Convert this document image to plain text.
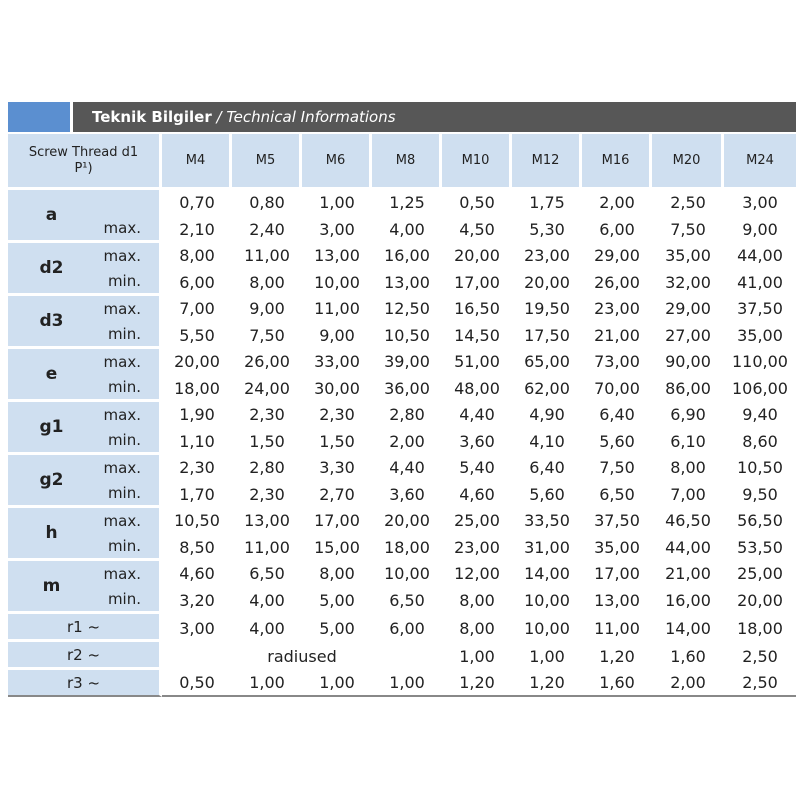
Teknik Bilgiler / Technical Informations
Screw Thread d1
P¹)		M4	M5	M6	M8	M10	M12	M16	M20	M24
a		0,70	0,80	1,00	1,25	0,50	1,75	2,00	2,50	3,00
	max.	2,10	2,40	3,00	4,00	4,50	5,30	6,00	7,50	9,00
d2	max.	8,00	11,00	13,00	16,00	20,00	23,00	29,00	35,00	44,00
	min.	6,00	8,00	10,00	13,00	17,00	20,00	26,00	32,00	41,00
d3	max.	7,00	9,00	11,00	12,50	16,50	19,50	23,00	29,00	37,50
	min.	5,50	7,50	9,00	10,50	14,50	17,50	21,00	27,00	35,00
e	max.	20,00	26,00	33,00	39,00	51,00	65,00	73,00	90,00	110,00
	min.	18,00	24,00	30,00	36,00	48,00	62,00	70,00	86,00	106,00
g1	max.	1,90	2,30	2,30	2,80	4,40	4,90	6,40	6,90	9,40
	min.	1,10	1,50	1,50	2,00	3,60	4,10	5,60	6,10	8,60
g2	max.	2,30	2,80	3,30	4,40	5,40	6,40	7,50	8,00	10,50
	min.	1,70	2,30	2,70	3,60	4,60	5,60	6,50	7,00	9,50
h	max.	10,50	13,00	17,00	20,00	25,00	33,50	37,50	46,50	56,50
	min.	8,50	11,00	15,00	18,00	23,00	31,00	35,00	44,00	53,50
m	max.	4,60	6,50	8,00	10,00	12,00	14,00	17,00	21,00	25,00
	min.	3,20	4,00	5,00	6,50	8,00	10,00	13,00	16,00	20,00
r1 ~		3,00	4,00	5,00	6,00	8,00	10,00	11,00	14,00	18,00
r2 ~		radiused				1,00	1,00	1,20	1,60	2,50
r3 ~		0,50	1,00	1,00	1,00	1,20	1,20	1,60	2,00	2,50
